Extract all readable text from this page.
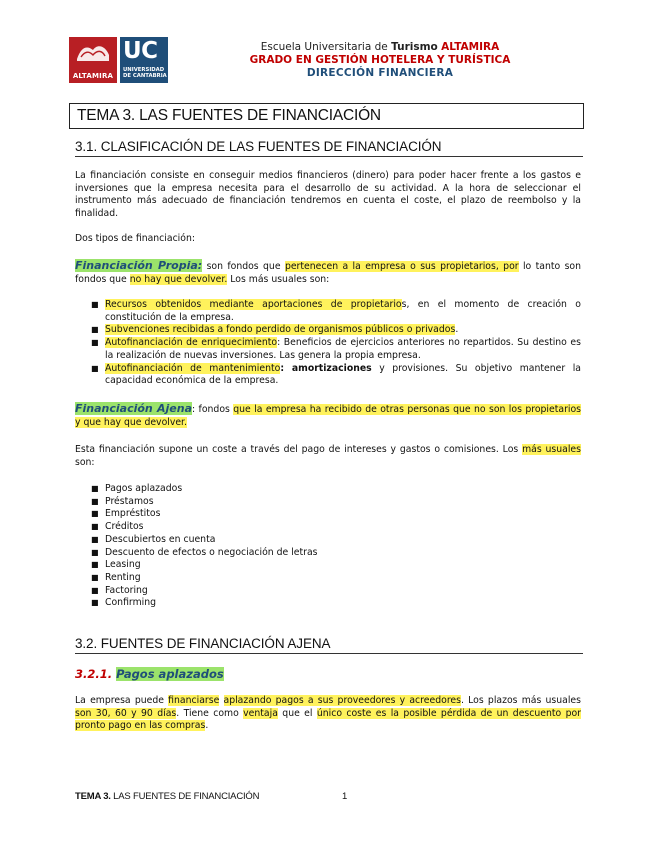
ALTAMIRA
UC
UNIVERSIDAD
DE CANTABRIA
Escuela Universitaria de Turismo ALTAMIRA
GRADO EN GESTIÓN HOTELERA Y TURÍSTICA
DIRECCIÓN FINANCIERA
TEMA 3. LAS FUENTES DE FINANCIACIÓN
3.1. CLASIFICACIÓN DE LAS FUENTES DE FINANCIACIÓN
La financiación consiste en conseguir medios financieros (dinero) para poder hacer frente a los gastos e inversiones que la empresa necesita para el desarrollo de su actividad. A la hora de seleccionar el instrumento más adecuado de financiación tendremos en cuenta el coste, el plazo de reembolso y la finalidad.
Dos tipos de financiación:
Financiación Propia: son fondos que pertenecen a la empresa o sus propietarios, por lo tanto son fondos que no hay que devolver. Los más usuales son:
■ Recursos obtenidos mediante aportaciones de propietarios, en el momento de creación o constitución de la empresa.
■ Subvenciones recibidas a fondo perdido de organismos públicos o privados.
■ Autofinanciación de enriquecimiento: Beneficios de ejercicios anteriores no repartidos. Su destino es la realización de nuevas inversiones. Las genera la propia empresa.
■ Autofinanciación de mantenimiento: amortizaciones y provisiones. Su objetivo mantener la capacidad económica de la empresa.
Financiación Ajena: fondos que la empresa ha recibido de otras personas que no son los propietarios y que hay que devolver.
Esta financiación supone un coste a través del pago de intereses y gastos o comisiones. Los más usuales son:
■ Pagos aplazados
■ Préstamos
■ Empréstitos
■ Créditos
■ Descubiertos en cuenta
■ Descuento de efectos o negociación de letras
■ Leasing
■ Renting
■ Factoring
■ Confirming
3.2. FUENTES DE FINANCIACIÓN AJENA
3.2.1. Pagos aplazados
La empresa puede financiarse aplazando pagos a sus proveedores y acreedores. Los plazos más usuales son 30, 60 y 90 días. Tiene como ventaja que el único coste es la posible pérdida de un descuento por pronto pago en las compras.
TEMA 3. LAS FUENTES DE FINANCIACIÓN	1
